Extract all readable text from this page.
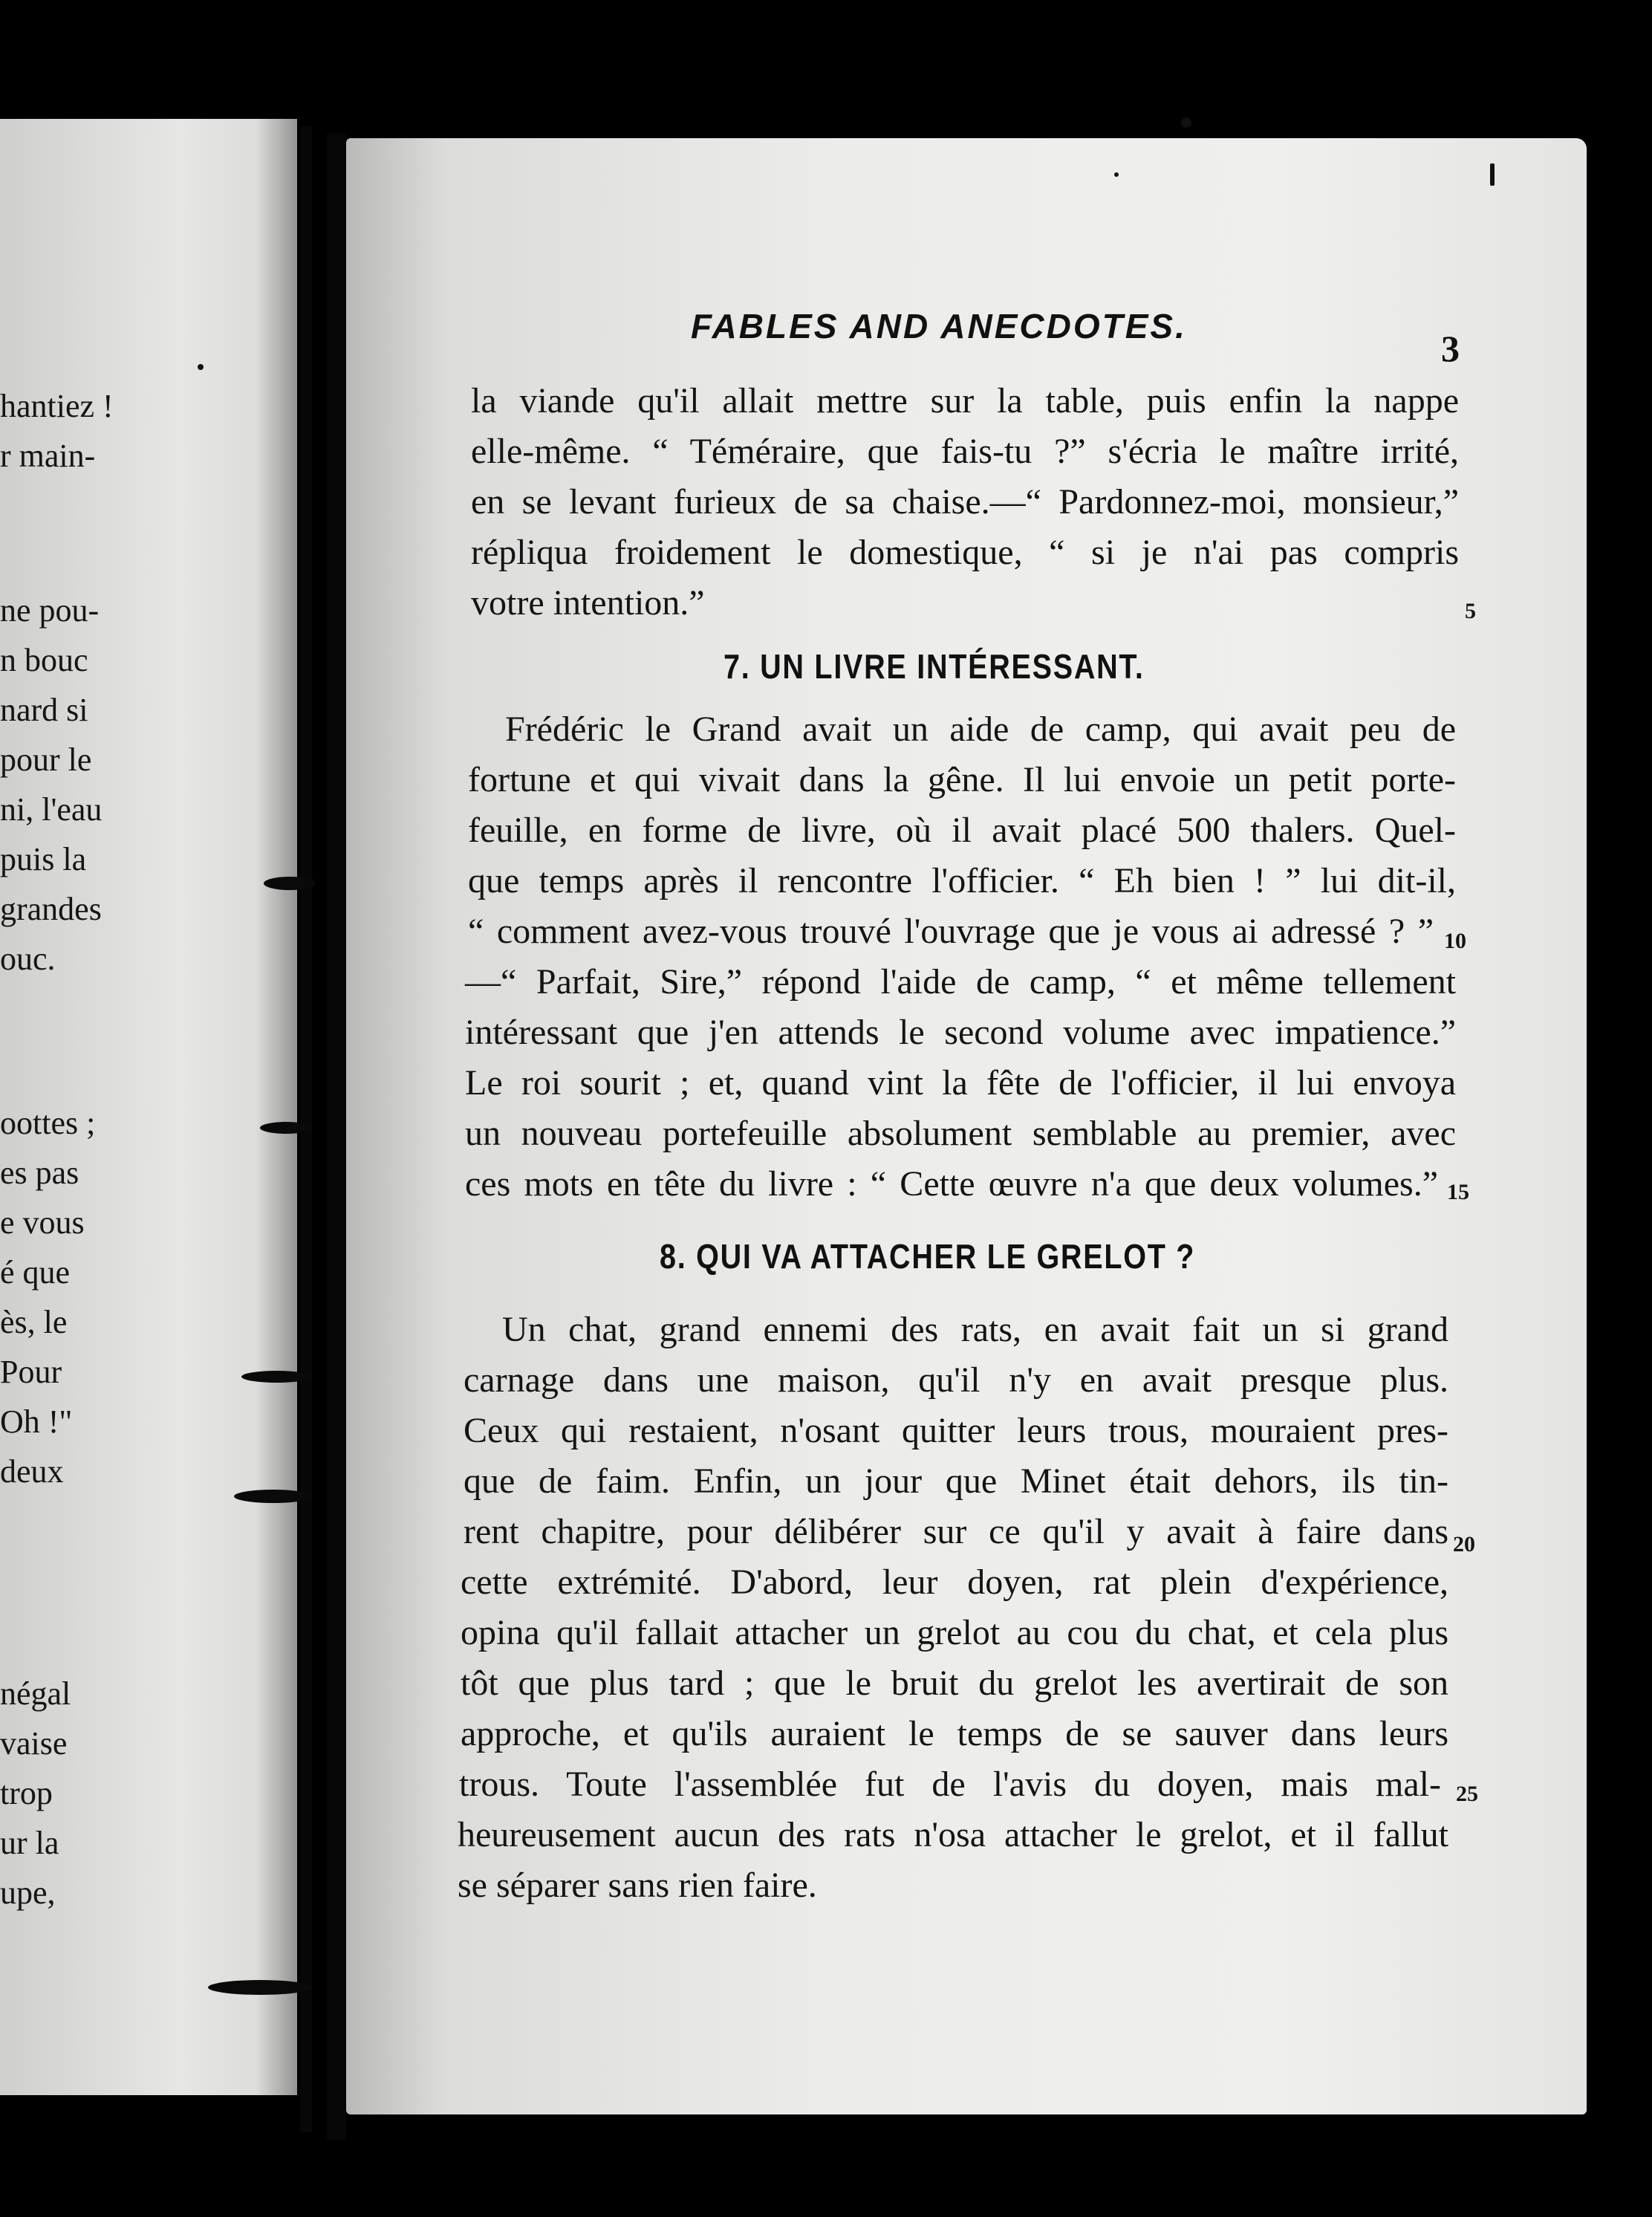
hantiez !

r main-

ne pou-

n bouc

nard si

pour le

ni, l'eau

puis la

grandes

ouc.

oottes ;

es pas

e vous

é que

ès, le

Pour

Oh !"

deux

négal

vaise

trop

ur la

upe,

FABLES AND ANECDOTES.

3

la viande qu'il allait mettre sur la table, puis enfin la nappe

elle-même. “ Téméraire, que fais-tu ?” s'écria le maître irrité,

en se levant furieux de sa chaise.—“ Pardonnez-moi, monsieur,”

répliqua froidement le domestique, “ si je n'ai pas compris

votre intention.”	5

7. UN LIVRE INTÉRESSANT.

Frédéric le Grand avait un aide de camp, qui avait peu de

fortune et qui vivait dans la gêne. Il lui envoie un petit porte-

feuille, en forme de livre, où il avait placé 500 thalers. Quel-

que temps après il rencontre l'officier. “ Eh bien ! ” lui dit-il,

“ comment avez-vous trouvé l'ouvrage que je vous ai adressé ? ” 10

—“ Parfait, Sire,” répond l'aide de camp, “ et même tellement

intéressant que j'en attends le second volume avec impatience.”

Le roi sourit ; et, quand vint la fête de l'officier, il lui envoya

un nouveau portefeuille absolument semblable au premier, avec

ces mots en tête du livre : “ Cette œuvre n'a que deux volumes.” 15

8. QUI VA ATTACHER LE GRELOT ?

Un chat, grand ennemi des rats, en avait fait un si grand

carnage dans une maison, qu'il n'y en avait presque plus.

Ceux qui restaient, n'osant quitter leurs trous, mouraient pres-

que de faim. Enfin, un jour que Minet était dehors, ils tin-

rent chapitre, pour délibérer sur ce qu'il y avait à faire dans 20

cette extrémité. D'abord, leur doyen, rat plein d'expérience,

opina qu'il fallait attacher un grelot au cou du chat, et cela plus

tôt que plus tard ; que le bruit du grelot les avertirait de son

approche, et qu'ils auraient le temps de se sauver dans leurs

trous. Toute l'assemblée fut de l'avis du doyen, mais mal- 25

heureusement aucun des rats n'osa attacher le grelot, et il fallut

se séparer sans rien faire.
